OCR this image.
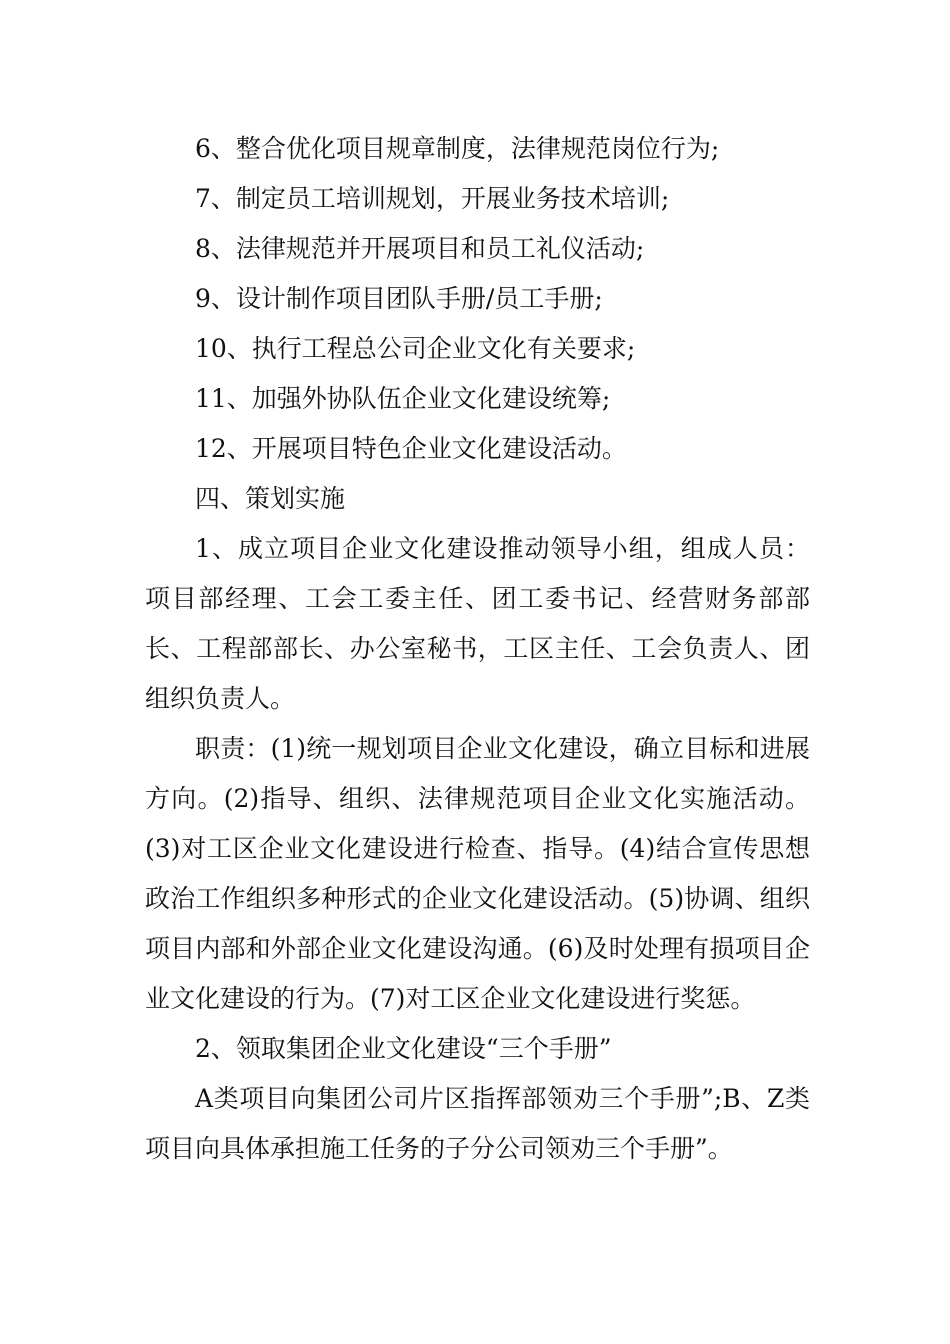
6、整合优化项目规章制度，法律规范岗位行为;

7、制定员工培训规划，开展业务技术培训;

8、法律规范并开展项目和员工礼仪活动;

9、设计制作项目团队手册/员工手册;

10、执行工程总公司企业文化有关要求;

11、加强外协队伍企业文化建设统筹;

12、开展项目特色企业文化建设活动。

四、策划实施

1、成立项目企业文化建设推动领导小组，组成人员：项目部经理、工会工委主任、团工委书记、经营财务部部长、工程部部长、办公室秘书，工区主任、工会负责人、团组织负责人。

职责：(1)统一规划项目企业文化建设，确立目标和进展方向。(2)指导、组织、法律规范项目企业文化实施活动。(3)对工区企业文化建设进行检查、指导。(4)结合宣传思想政治工作组织多种形式的企业文化建设活动。(5)协调、组织项目内部和外部企业文化建设沟通。(6)及时处理有损项目企业文化建设的行为。(7)对工区企业文化建设进行奖惩。

2、领取集团企业文化建设“三个手册”

A类项目向集团公司片区指挥部领劝三个手册”;B、Z类项目向具体承担施工任务的子分公司领劝三个手册”。
